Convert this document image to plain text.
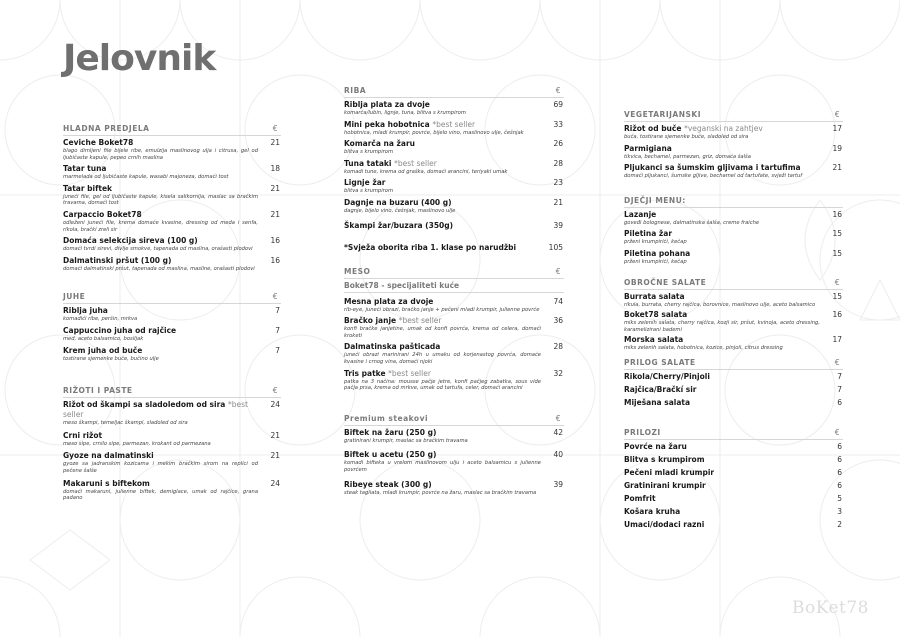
Jelovnik
HLADNA PREDJELA	€
Ceviche Boket78
blago dimljeni file bijele ribe, emulzija maslinovog ulja i citrusa, gel od ljubičaste kapule, pepeo crnih maslina
21
Tatar tuna
marmelada od ljubičaste kapule, wasabi majoneza, domaći tost
18
Tatar biftek
juneći file, gel od ljubičaste kapule, kisela salikornija, maslac sa bračkim travama, domaći tost
21
Carpaccio Boket78
odleženi juneći file, krema domaće kvasine, dressing od meda i senfa, rikola, bračkí zreli sir
21
Domaća selekcija sireva (100 g)
domaći tvrdi sirevi, divlje smokve, tapenada od maslina, orašasti plodovi
16
Dalmatinski pršut (100 g)
domaći dalmatinski pršut, tapenada od maslina, masline, orašasti plodovi
16
JUHE	€
Riblja juha
komadići ribe, peršin, mrkva
7
Cappuccino juha od rajčice
med, aceto balsamico, bosiljak
7
Krem juha od buče
tostirane sjemenke buče, bučino ulje
7
RIŽOTI I PASTE	€
Rižot od škampi sa sladoledom od sira *best seller
meso škampi, temeljac škampi, sladoled od sira
24
Crni rižot
meso sipe, crnilo sipe, parmezan, krokant od parmezana
21
Gyoze na dalmatinski
gyoze sa jadranskim kozicama i mekim bračkim sirom na replici od pečene šalše
21
Makaruni s biftekom
domaći makaruni, julienne biftek, demiglace, umak od rajčice, grana padano
24
RIBA	€
Riblja plata za dvoje
komarča/lubin, lignje, tuna, blitva s krumpirom
69
Mini peka hobotnica *best seller
hobotnica, mladi krumpir, povrće, bijelo vino, maslinovo ulje, češnjak
33
Komarča na žaru
blitva s krumpirom
26
Tuna tataki *best seller
komadi tune, krema od graška, domaći arancini, teriyaki umak
28
Lignje žar
blitva s krumpirom
23
Dagnje na buzaru (400 g)
dagnje, bijelo vino, češnjak, maslinovo ulje
21
Škampi žar/buzara (350g)	39
*Svježa oborita riba 1. klase po narudžbi	105
MESO	€
Boket78 - specijaliteti kuće
Mesna plata za dvoje
rib-eye, juneći obrazi, bračko janje + pečeni mladi krumpir, julienne povrće
74
Bračko janje *best seller
konfi bračke janjetine, umak od konfi povrća, krema od celera, domaći kroketi
36
Dalmatinska pašticada
juneći obrazi marinirani 24h u umaku od korjenastog povrća, domaće kvasine i crnog vina, domaći njoki
28
Tris patke *best seller
patka na 3 načina: mousse pačje jetre, konfi pačjeg zabatka, sous vide pačja prsa, krema od mrkve, umak od tartufa, celer, domaći arancini
32
Premium steakovi	€
Biftek na žaru (250 g)
gratinirani krumpir, maslac sa bračkim travama
42
Biftek u acetu (250 g)
komadi bifteka u vrelom maslinovom ulju i aceto balsamicu s julienne povrćem
40
Ribeye steak (300 g)
steak tagliata, mladi krumpir, povrće na žaru, maslac sa bračkim travama
39
VEGETARIJANSKI	€
Rižot od buče *veganski na zahtjev
buča, tostirane sjemenke buče, sladoled od sira
17
Parmigiana
tikvica, bechamel, parmezan, griz, domaća šalša
19
Pljukanci sa šumskim gljivama i tartufima
domaći pljukanci, šumske gljive, bechamel od tartufate, svježi tartuf
21
DJEČJI MENU:
Lazanje
goveđi bolognese, dalmatinska šalša, creme fraiche
16
Piletina žar
prženi krumpirići, kečap
15
Piletina pohana
prženi krumpirići, kečap
15
OBROČNE SALATE	€
Burrata salata
rikula, burrata, cherry rajčica, borovnice, maslinovo ulje, aceto balsamico
15
Boket78 salata
miks zelenih salata, cherry rajčica, kozji sir, pršut, kvinoja, aceto dressing, karamelizirani bademi
16
Morska salata
miks zelenih salata, hobotnica, kozice, pinjoli, citrus dressing
17
PRILOG SALATE	€
Rikola/Cherry/Pinjoli	7
Rajčica/Bračkí sir	7
Miješana salata	6
PRILOZI	€
Povrće na žaru	6
Blitva s krumpirom	6
Pečeni mladi krumpir	6
Gratinirani krumpir	6
Pomfrit	5
Košara kruha	3
Umaci/dodaci razni	2
BoKet78
